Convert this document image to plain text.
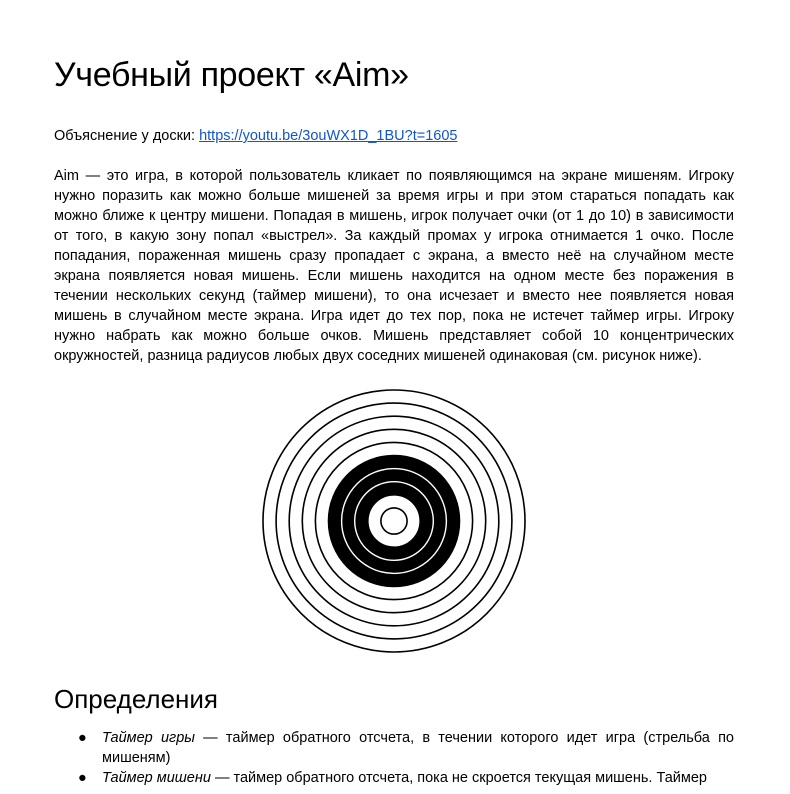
Учебный проект «Aim»
Объяснение у доски: https://youtu.be/3ouWX1D_1BU?t=1605

Aim — это игра, в которой пользователь кликает по появляющимся на экране мишеням. Игроку нужно поразить как можно больше мишеней за время игры и при этом стараться попадать как можно ближе к центру мишени. Попадая в мишень, игрок получает очки (от 1 до 10) в зависимости от того, в какую зону попал «выстрел». За каждый промах у игрока отнимается 1 очко. После попадания, пораженная мишень сразу пропадает с экрана, а вместо неё на случайном месте экрана появляется новая мишень. Если мишень находится на одном месте без поражения в течении нескольких секунд (таймер мишени), то она исчезает и вместо нее появляется новая мишень в случайном месте экрана. Игра идет до тех пор, пока не истечет таймер игры. Игроку нужно набрать как можно больше очков. Мишень представляет собой 10 концентрических окружностей, разница радиусов любых двух соседних мишеней одинаковая (см. рисунок ниже).

Определения
● Таймер игры — таймер обратного отсчета, в течении которого идет игра (стрельба по мишеням)
● Таймер мишени — таймер обратного отсчета, пока не скроется текущая мишень. Таймер
